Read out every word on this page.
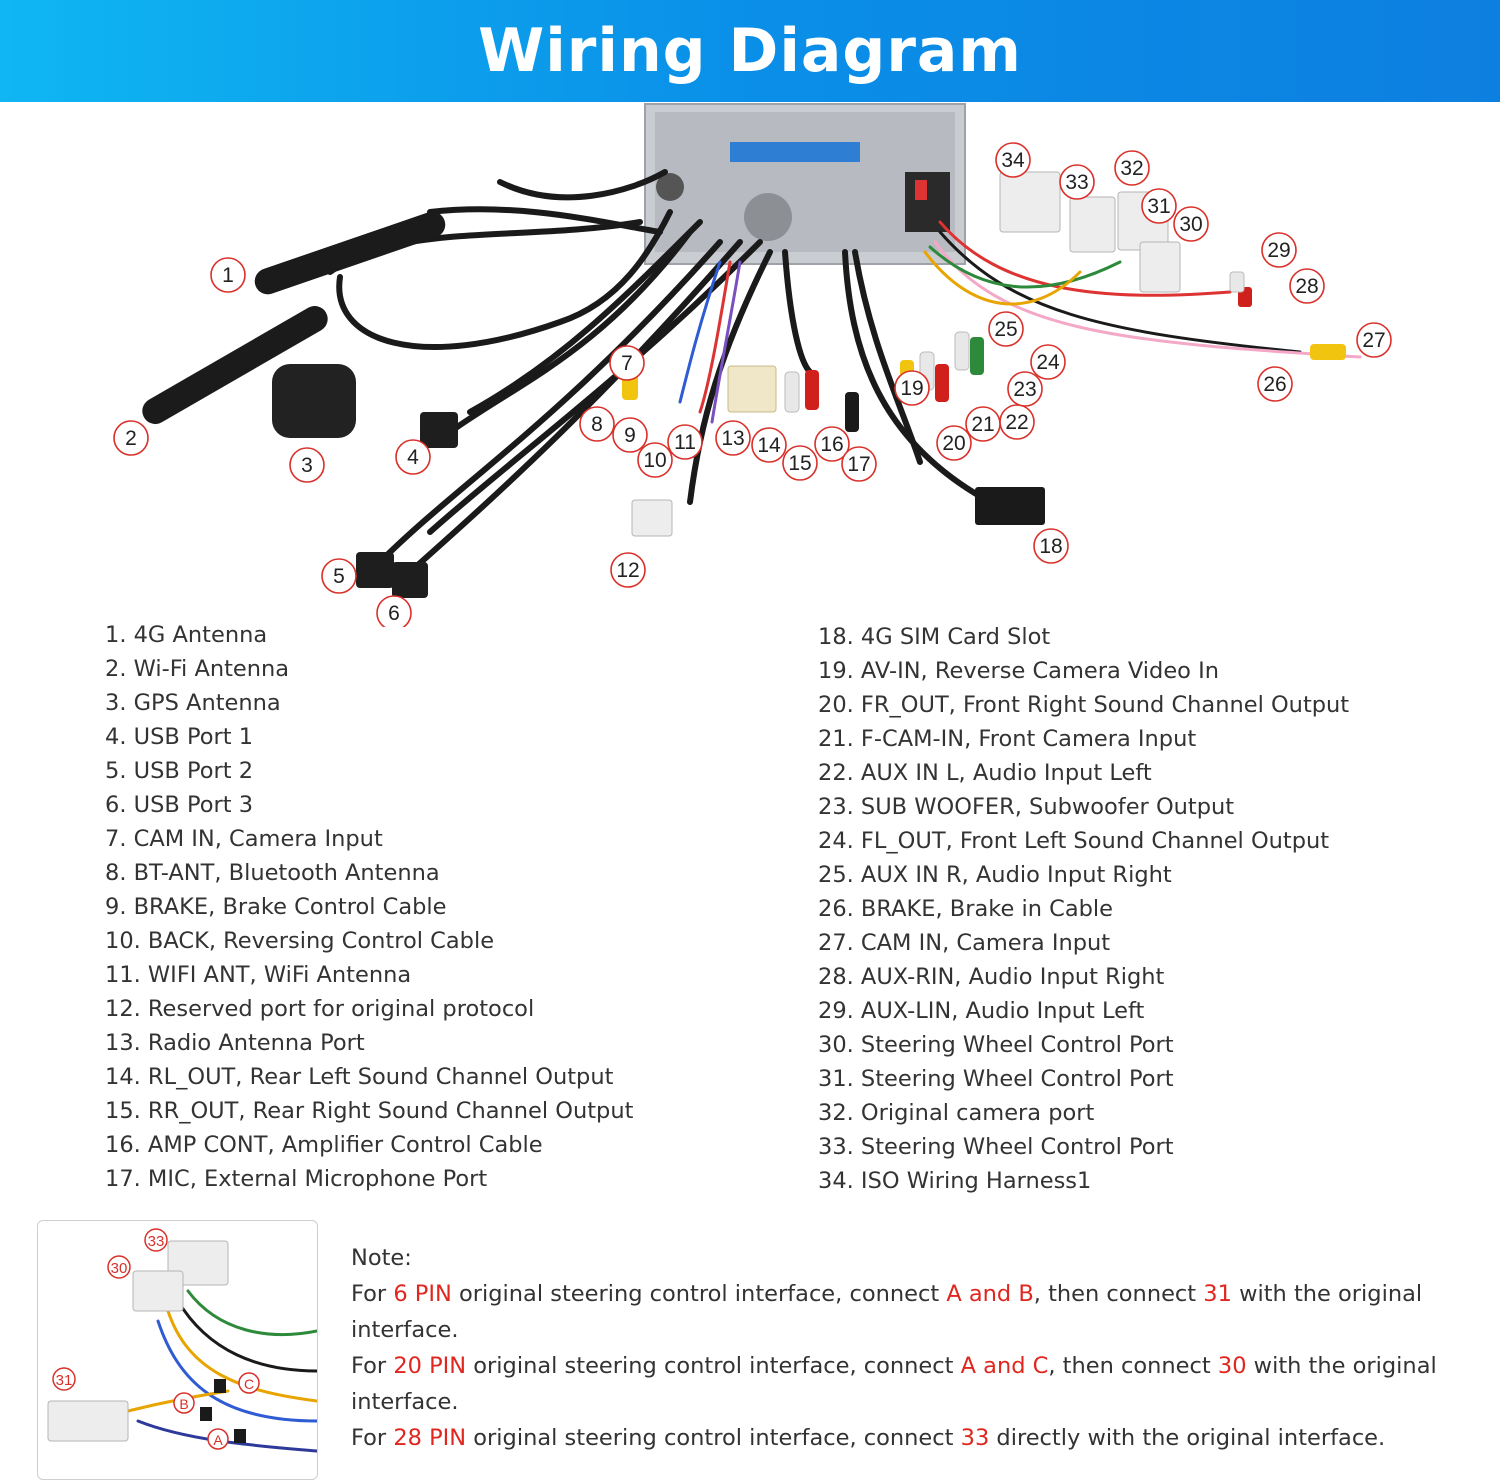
Wiring Diagram
1
2
3	4
5
6
7
8 9
10
11
12
13 14
15
16
17
18
19
20
21 22
23
24
25
26
27
28
29
30
31
32
33
34
1. 4G Antenna
2. Wi-Fi Antenna
3. GPS Antenna
4. USB Port 1
5. USB Port 2
6. USB Port 3
7. CAM IN, Camera Input
8. BT-ANT, Bluetooth Antenna
9. BRAKE, Brake Control Cable
10. BACK, Reversing Control Cable
11. WIFI ANT, WiFi Antenna
12. Reserved port for original protocol
13. Radio Antenna Port
14. RL_OUT, Rear Left Sound Channel Output
15. RR_OUT, Rear Right Sound Channel Output
16. AMP CONT, Amplifier Control Cable
17. MIC, External Microphone Port
18. 4G SIM Card Slot
19. AV-IN, Reverse Camera Video In
20. FR_OUT, Front Right Sound Channel Output
21. F-CAM-IN, Front Camera Input
22. AUX IN L, Audio Input Left
23. SUB WOOFER, Subwoofer Output
24. FL_OUT, Front Left Sound Channel Output
25. AUX IN R, Audio Input Right
26. BRAKE, Brake in Cable
27. CAM IN, Camera Input
28. AUX-RIN, Audio Input Right
29. AUX-LIN, Audio Input Left
30. Steering Wheel Control Port
31. Steering Wheel Control Port
32. Original camera port
33. Steering Wheel Control Port
34. ISO Wiring Harness1
33
30
31
B
C
A

Note:

For 6 PIN original steering control interface, connect A and B, then connect 31 with the original interface.

For 20 PIN original steering control interface, connect A and C, then connect 30 with the original interface.

For 28 PIN original steering control interface, connect 33 directly with the original interface.
